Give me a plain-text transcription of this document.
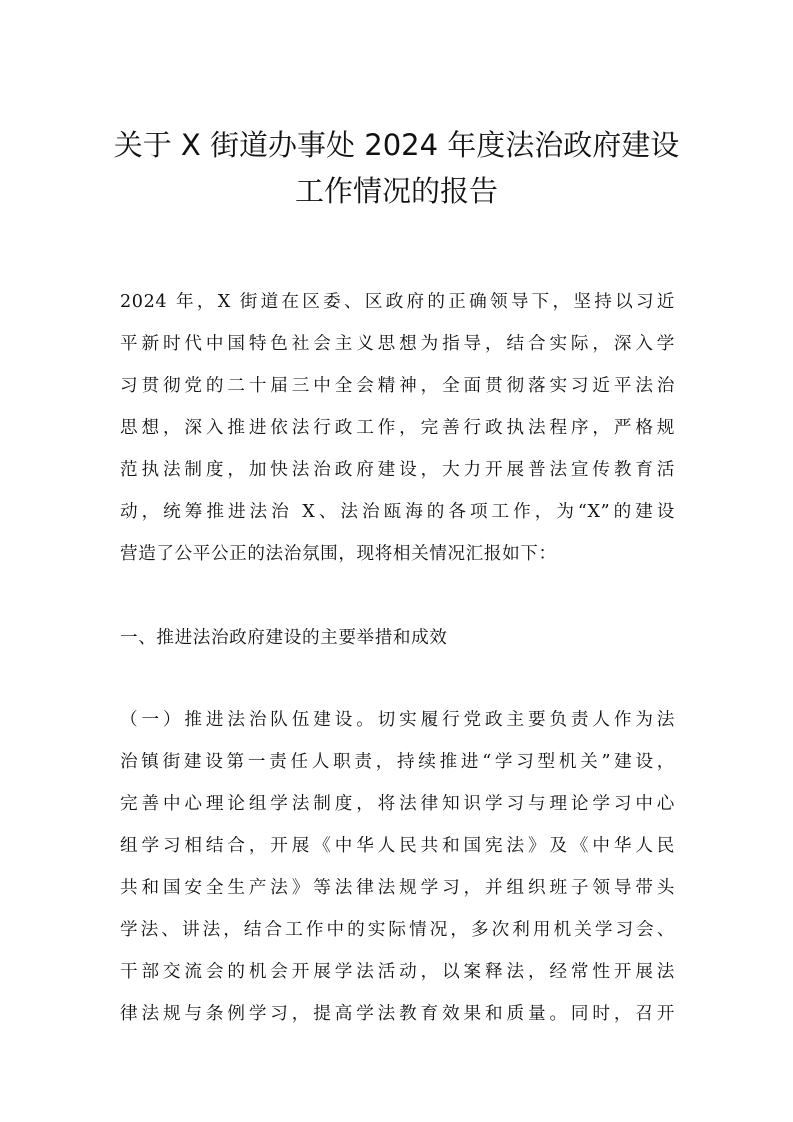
关于 X 街道办事处 2024 年度法治政府建设
工作情况的报告
2024 年，X 街道在区委、区政府的正确领导下，坚持以习近
平新时代中国特色社会主义思想为指导，结合实际，深入学
习贯彻党的二十届三中全会精神，全面贯彻落实习近平法治
思想，深入推进依法行政工作，完善行政执法程序，严格规
范执法制度，加快法治政府建设，大力开展普法宣传教育活
动，统筹推进法治 X、法治瓯海的各项工作，为“X”的建设
营造了公平公正的法治氛围，现将相关情况汇报如下：
一、推进法治政府建设的主要举措和成效
（一）推进法治队伍建设。切实履行党政主要负责人作为法
治镇街建设第一责任人职责，持续推进“学习型机关”建设，
完善中心理论组学法制度，将法律知识学习与理论学习中心
组学习相结合，开展《中华人民共和国宪法》及《中华人民
共和国安全生产法》等法律法规学习，并组织班子领导带头
学法、讲法，结合工作中的实际情况，多次利用机关学习会、
干部交流会的机会开展学法活动，以案释法，经常性开展法
律法规与条例学习，提高学法教育效果和质量。同时，召开
